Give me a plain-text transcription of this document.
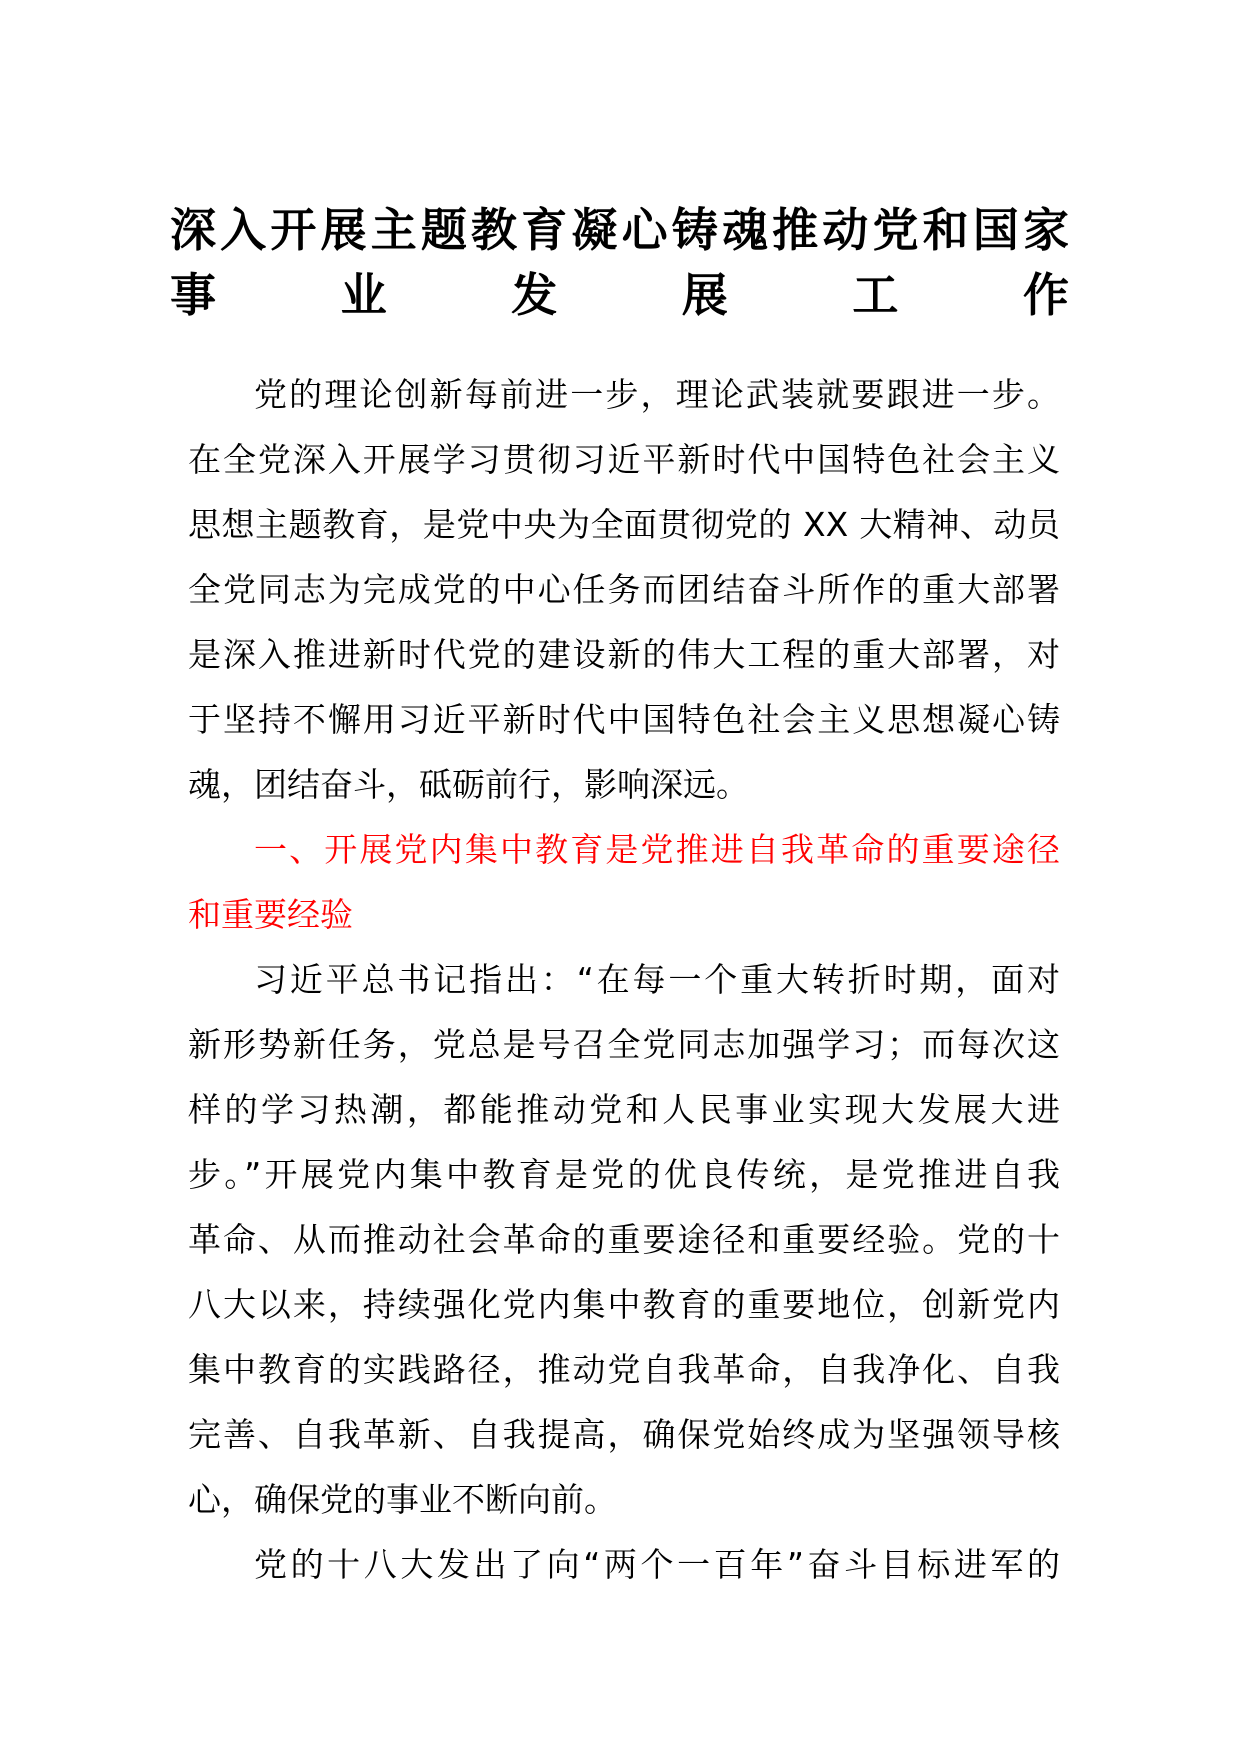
深入开展主题教育凝心铸魂推动党和国家
事业发展工作
党的理论创新每前进一步，理论武装就要跟进一步。
在全党深入开展学习贯彻习近平新时代中国特色社会主义
思想主题教育，是党中央为全面贯彻党的 XX 大精神、动员
全党同志为完成党的中心任务而团结奋斗所作的重大部署
是深入推进新时代党的建设新的伟大工程的重大部署，对
于坚持不懈用习近平新时代中国特色社会主义思想凝心铸
魂，团结奋斗，砥砺前行，影响深远。
一、开展党内集中教育是党推进自我革命的重要途径
和重要经验
习近平总书记指出：“在每一个重大转折时期，面对
新形势新任务，党总是号召全党同志加强学习；而每次这
样的学习热潮，都能推动党和人民事业实现大发展大进
步。”开展党内集中教育是党的优良传统，是党推进自我
革命、从而推动社会革命的重要途径和重要经验。党的十
八大以来，持续强化党内集中教育的重要地位，创新党内
集中教育的实践路径，推动党自我革命，自我净化、自我
完善、自我革新、自我提高，确保党始终成为坚强领导核
心，确保党的事业不断向前。
党的十八大发出了向“两个一百年”奋斗目标进军的
